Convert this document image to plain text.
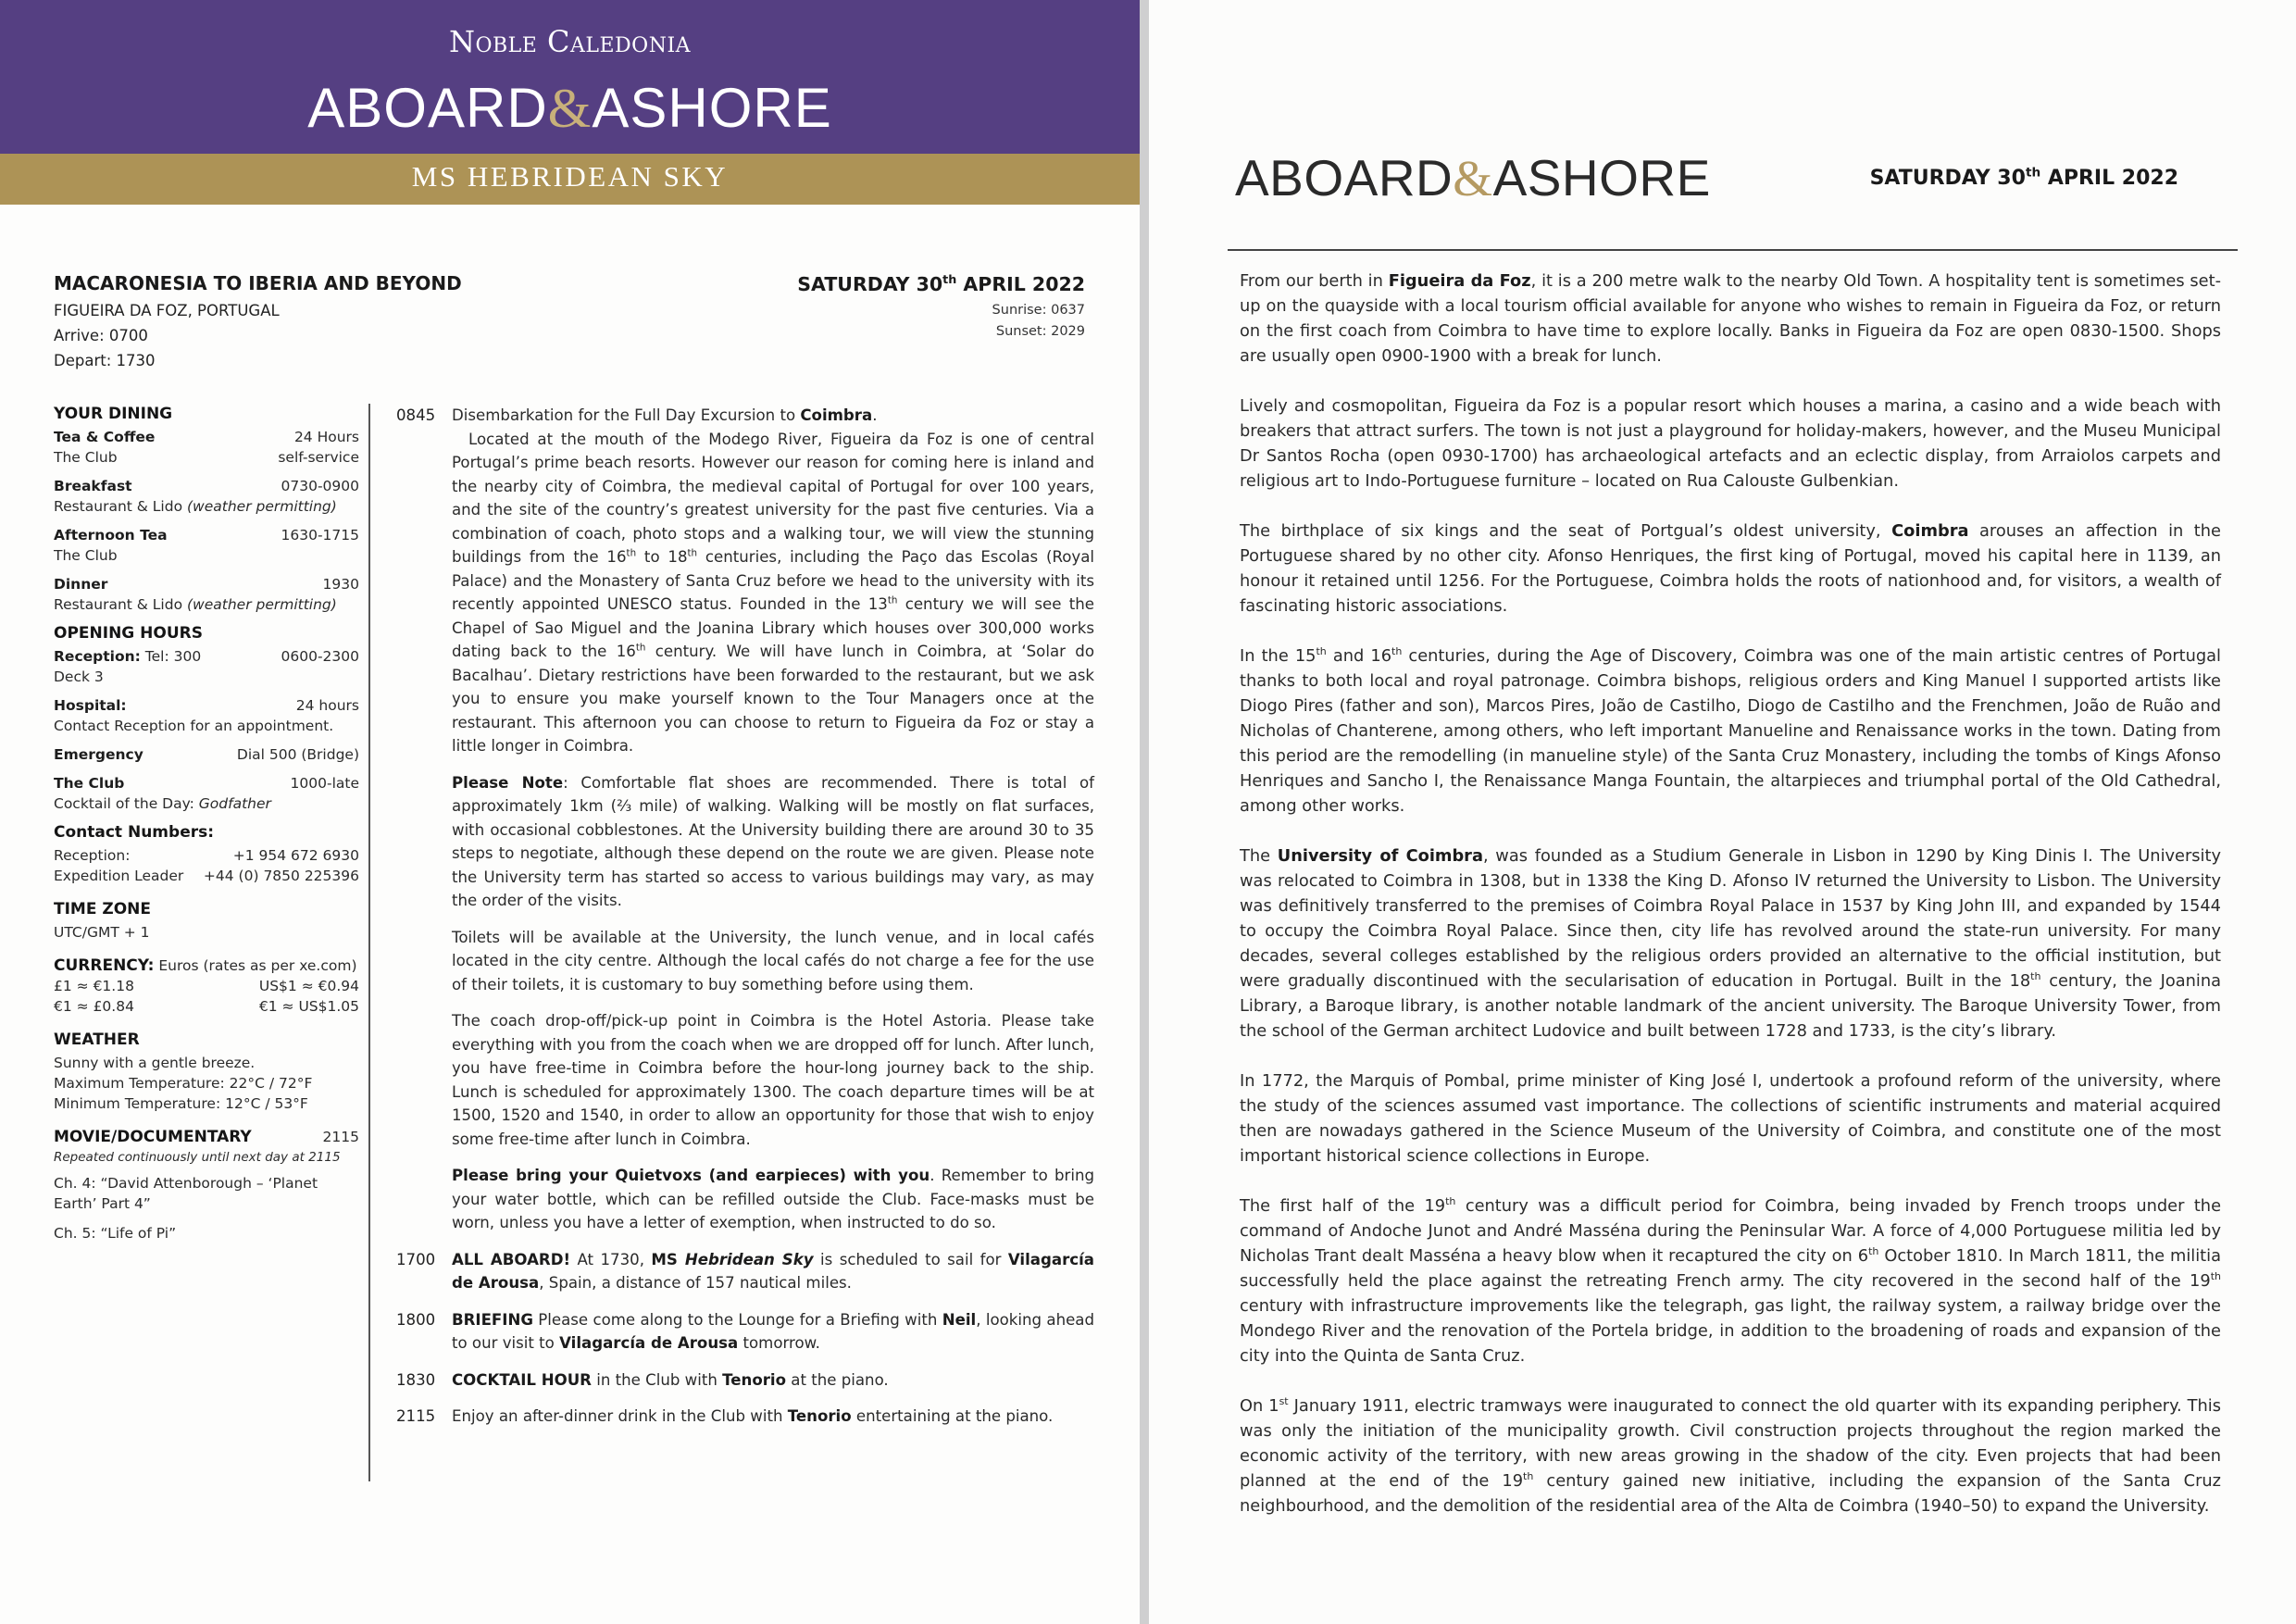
Noble Caledonia
ABOARD&ASHORE
MS HEBRIDEAN SKY
MACARONESIA TO IBERIA AND BEYOND
FIGUEIRA DA FOZ, PORTUGAL
Arrive: 0700
Depart: 1730
SATURDAY 30th APRIL 2022
Sunrise: 0637
Sunset: 2029
YOUR DINING
Tea & Coffee	24 Hours
The Club	self-service
Breakfast	0730-0900
Restaurant & Lido (weather permitting)
Afternoon Tea	1630-1715
The Club
Dinner	1930
Restaurant & Lido (weather permitting)
OPENING HOURS
Reception: Tel: 300	0600-2300
Deck 3
Hospital:	24 hours
Contact Reception for an appointment.
Emergency	Dial 500 (Bridge)
The Club	1000-late
Cocktail of the Day: Godfather
Contact Numbers:
Reception:	+1 954 672 6930
Expedition Leader +44 (0) 7850 225396
TIME ZONE
UTC/GMT + 1
CURRENCY: Euros (rates as per xe.com)
£1 ≈ €1.18	US$1 ≈ €0.94
€1 ≈ £0.84	€1 ≈ US$1.05
WEATHER
Sunny with a gentle breeze.
Maximum Temperature: 22°C / 72°F
Minimum Temperature: 12°C / 53°F
MOVIE/DOCUMENTARY	2115
Repeated continuously until next day at 2115
Ch. 4: “David Attenborough – ‘Planet Earth’ Part 4”
Ch. 5: “Life of Pi”
0845	Disembarkation for the Full Day Excursion to Coimbra.
Located at the mouth of the Modego River, Figueira da Foz is one of central Portugal’s prime beach resorts. However our reason for coming here is inland and the nearby city of Coimbra, the medieval capital of Portugal for over 100 years, and the site of the country’s greatest university for the past five centuries. Via a combination of coach, photo stops and a walking tour, we will view the stunning buildings from the 16th to 18th centuries, including the Paço das Escolas (Royal Palace) and the Monastery of Santa Cruz before we head to the university with its recently appointed UNESCO status. Founded in the 13th century we will see the Chapel of Sao Miguel and the Joanina Library which houses over 300,000 works dating back to the 16th century. We will have lunch in Coimbra, at ‘Solar do Bacalhau’. Dietary restrictions have been forwarded to the restaurant, but we ask you to ensure you make yourself known to the Tour Managers once at the restaurant. This afternoon you can choose to return to Figueira da Foz or stay a little longer in Coimbra.
Please Note: Comfortable flat shoes are recommended. There is total of approximately 1km (⅔ mile) of walking. Walking will be mostly on flat surfaces, with occasional cobblestones. At the University building there are around 30 to 35 steps to negotiate, although these depend on the route we are given. Please note the University term has started so access to various buildings may vary, as may the order of the visits.
Toilets will be available at the University, the lunch venue, and in local cafés located in the city centre. Although the local cafés do not charge a fee for the use of their toilets, it is customary to buy something before using them.
The coach drop-off/pick-up point in Coimbra is the Hotel Astoria. Please take everything with you from the coach when we are dropped off for lunch. After lunch, you have free-time in Coimbra before the hour-long journey back to the ship. Lunch is scheduled for approximately 1300. The coach departure times will be at 1500, 1520 and 1540, in order to allow an opportunity for those that wish to enjoy some free-time after lunch in Coimbra.
Please bring your Quietvoxs (and earpieces) with you. Remember to bring your water bottle, which can be refilled outside the Club. Face-masks must be worn, unless you have a letter of exemption, when instructed to do so.
1700	ALL ABOARD! At 1730, MS Hebridean Sky is scheduled to sail for Vilagarcía de Arousa, Spain, a distance of 157 nautical miles.
1800	BRIEFING Please come along to the Lounge for a Briefing with Neil, looking ahead to our visit to Vilagarcía de Arousa tomorrow.
1830	COCKTAIL HOUR in the Club with Tenorio at the piano.
2115	Enjoy an after-dinner drink in the Club with Tenorio entertaining at the piano.
ABOARD&ASHORE	SATURDAY 30th APRIL 2022

From our berth in Figueira da Foz, it is a 200 metre walk to the nearby Old Town. A hospitality tent is sometimes set-up on the quayside with a local tourism official available for anyone who wishes to remain in Figueira da Foz, or return on the first coach from Coimbra to have time to explore locally. Banks in Figueira da Foz are open 0830-1500. Shops are usually open 0900-1900 with a break for lunch.

Lively and cosmopolitan, Figueira da Foz is a popular resort which houses a marina, a casino and a wide beach with breakers that attract surfers. The town is not just a playground for holiday-makers, however, and the Museu Municipal Dr Santos Rocha (open 0930-1700) has archaeological artefacts and an eclectic display, from Arraiolos carpets and religious art to Indo-Portuguese furniture – located on Rua Calouste Gulbenkian.

The birthplace of six kings and the seat of Portgual’s oldest university, Coimbra arouses an affection in the Portuguese shared by no other city. Afonso Henriques, the first king of Portugal, moved his capital here in 1139, an honour it retained until 1256. For the Portuguese, Coimbra holds the roots of nationhood and, for visitors, a wealth of fascinating historic associations.

In the 15th and 16th centuries, during the Age of Discovery, Coimbra was one of the main artistic centres of Portugal thanks to both local and royal patronage. Coimbra bishops, religious orders and King Manuel I supported artists like Diogo Pires (father and son), Marcos Pires, João de Castilho, Diogo de Castilho and the Frenchmen, João de Ruão and Nicholas of Chanterene, among others, who left important Manueline and Renaissance works in the town. Dating from this period are the remodelling (in manueline style) of the Santa Cruz Monastery, including the tombs of Kings Afonso Henriques and Sancho I, the Renaissance Manga Fountain, the altarpieces and triumphal portal of the Old Cathedral, among other works.

The University of Coimbra, was founded as a Studium Generale in Lisbon in 1290 by King Dinis I. The University was relocated to Coimbra in 1308, but in 1338 the King D. Afonso IV returned the University to Lisbon. The University was definitively transferred to the premises of Coimbra Royal Palace in 1537 by King John III, and expanded by 1544 to occupy the Coimbra Royal Palace. Since then, city life has revolved around the state-run university. For many decades, several colleges established by the religious orders provided an alternative to the official institution, but were gradually discontinued with the secularisation of education in Portugal. Built in the 18th century, the Joanina Library, a Baroque library, is another notable landmark of the ancient university. The Baroque University Tower, from the school of the German architect Ludovice and built between 1728 and 1733, is the city’s library.

In 1772, the Marquis of Pombal, prime minister of King José I, undertook a profound reform of the university, where the study of the sciences assumed vast importance. The collections of scientific instruments and material acquired then are nowadays gathered in the Science Museum of the University of Coimbra, and constitute one of the most important historical science collections in Europe.

The first half of the 19th century was a difficult period for Coimbra, being invaded by French troops under the command of Andoche Junot and André Masséna during the Peninsular War. A force of 4,000 Portuguese militia led by Nicholas Trant dealt Masséna a heavy blow when it recaptured the city on 6th October 1810. In March 1811, the militia successfully held the place against the retreating French army. The city recovered in the second half of the 19th century with infrastructure improvements like the telegraph, gas light, the railway system, a railway bridge over the Mondego River and the renovation of the Portela bridge, in addition to the broadening of roads and expansion of the city into the Quinta de Santa Cruz.

On 1st January 1911, electric tramways were inaugurated to connect the old quarter with its expanding periphery. This was only the initiation of the municipality growth. Civil construction projects throughout the region marked the economic activity of the territory, with new areas growing in the shadow of the city. Even projects that had been planned at the end of the 19th century gained new initiative, including the expansion of the Santa Cruz neighbourhood, and the demolition of the residential area of the Alta de Coimbra (1940–50) to expand the University.
